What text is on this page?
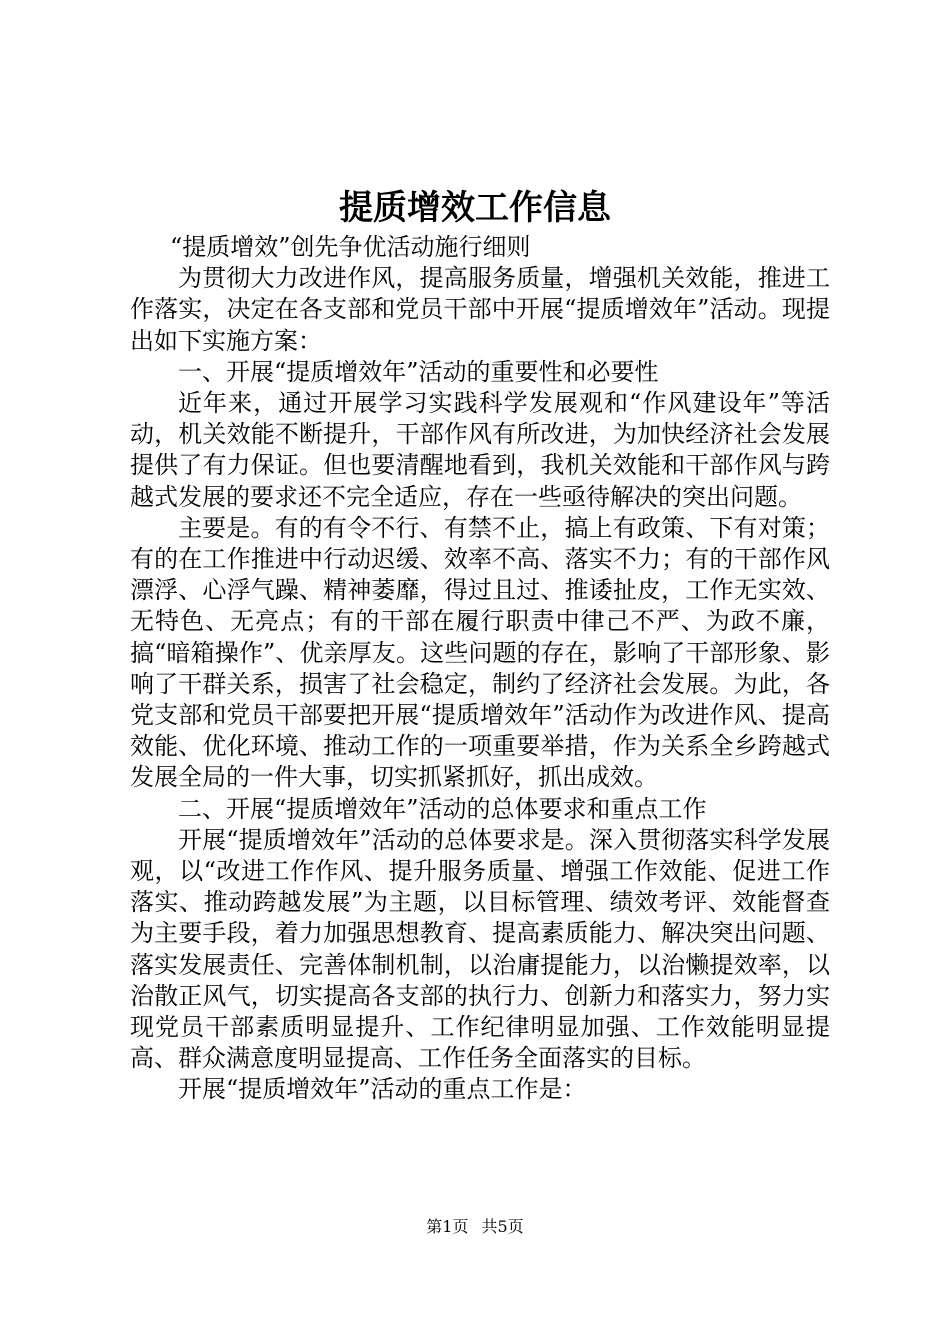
提质增效工作信息

“提质增效”创先争优活动施行细则

为贯彻大力改进作风，提高服务质量，增强机关效能，推进工作落实，决定在各支部和党员干部中开展“提质增效年”活动。现提出如下实施方案：

一、开展“提质增效年”活动的重要性和必要性

近年来，通过开展学习实践科学发展观和“作风建设年”等活动，机关效能不断提升，干部作风有所改进，为加快经济社会发展提供了有力保证。但也要清醒地看到，我机关效能和干部作风与跨越式发展的要求还不完全适应，存在一些亟待解决的突出问题。

主要是。有的有令不行、有禁不止，搞上有政策、下有对策；有的在工作推进中行动迟缓、效率不高、落实不力；有的干部作风漂浮、心浮气躁、精神萎靡，得过且过、推诿扯皮，工作无实效、无特色、无亮点；有的干部在履行职责中律己不严、为政不廉，搞“暗箱操作”、优亲厚友。这些问题的存在，影响了干部形象、影响了干群关系，损害了社会稳定，制约了经济社会发展。为此，各党支部和党员干部要把开展“提质增效年”活动作为改进作风、提高效能、优化环境、推动工作的一项重要举措，作为关系全乡跨越式发展全局的一件大事，切实抓紧抓好，抓出成效。

二、开展“提质增效年”活动的总体要求和重点工作

开展“提质增效年”活动的总体要求是。深入贯彻落实科学发展观，以“改进工作作风、提升服务质量、增强工作效能、促进工作落实、推动跨越发展”为主题，以目标管理、绩效考评、效能督查为主要手段，着力加强思想教育、提高素质能力、解决突出问题、落实发展责任、完善体制机制，以治庸提能力，以治懒提效率，以治散正风气，切实提高各支部的执行力、创新力和落实力，努力实现党员干部素质明显提升、工作纪律明显加强、工作效能明显提高、群众满意度明显提高、工作任务全面落实的目标。

开展“提质增效年”活动的重点工作是：

第1页 共5页
